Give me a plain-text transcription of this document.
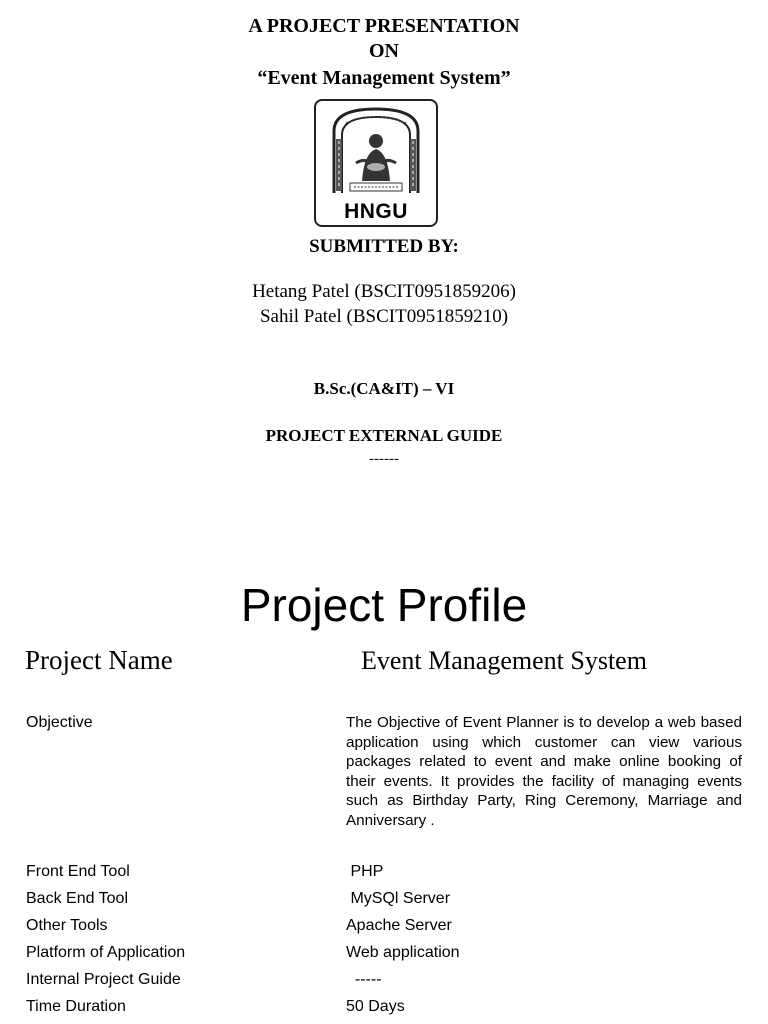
A PROJECT PRESENTATION
ON
“Event Management System”
HNGU
SUBMITTED BY:
Hetang Patel (BSCIT0951859206)
Sahil Patel (BSCIT0951859210)
B.Sc.(CA&IT) – VI
PROJECT EXTERNAL GUIDE
------
Project Profile
Project Name	Event Management System
Objective	The Objective of Event Planner is to develop a web based application using which customer can view various packages related to event and make online booking of their events. It provides the facility of managing events such as Birthday Party, Ring Ceremony, Marriage and Anniversary .
Front End Tool	PHP
Back End Tool	MySQl Server
Other Tools	Apache Server
Platform of Application	Web application
Internal Project Guide	-----
Time Duration	50 Days
